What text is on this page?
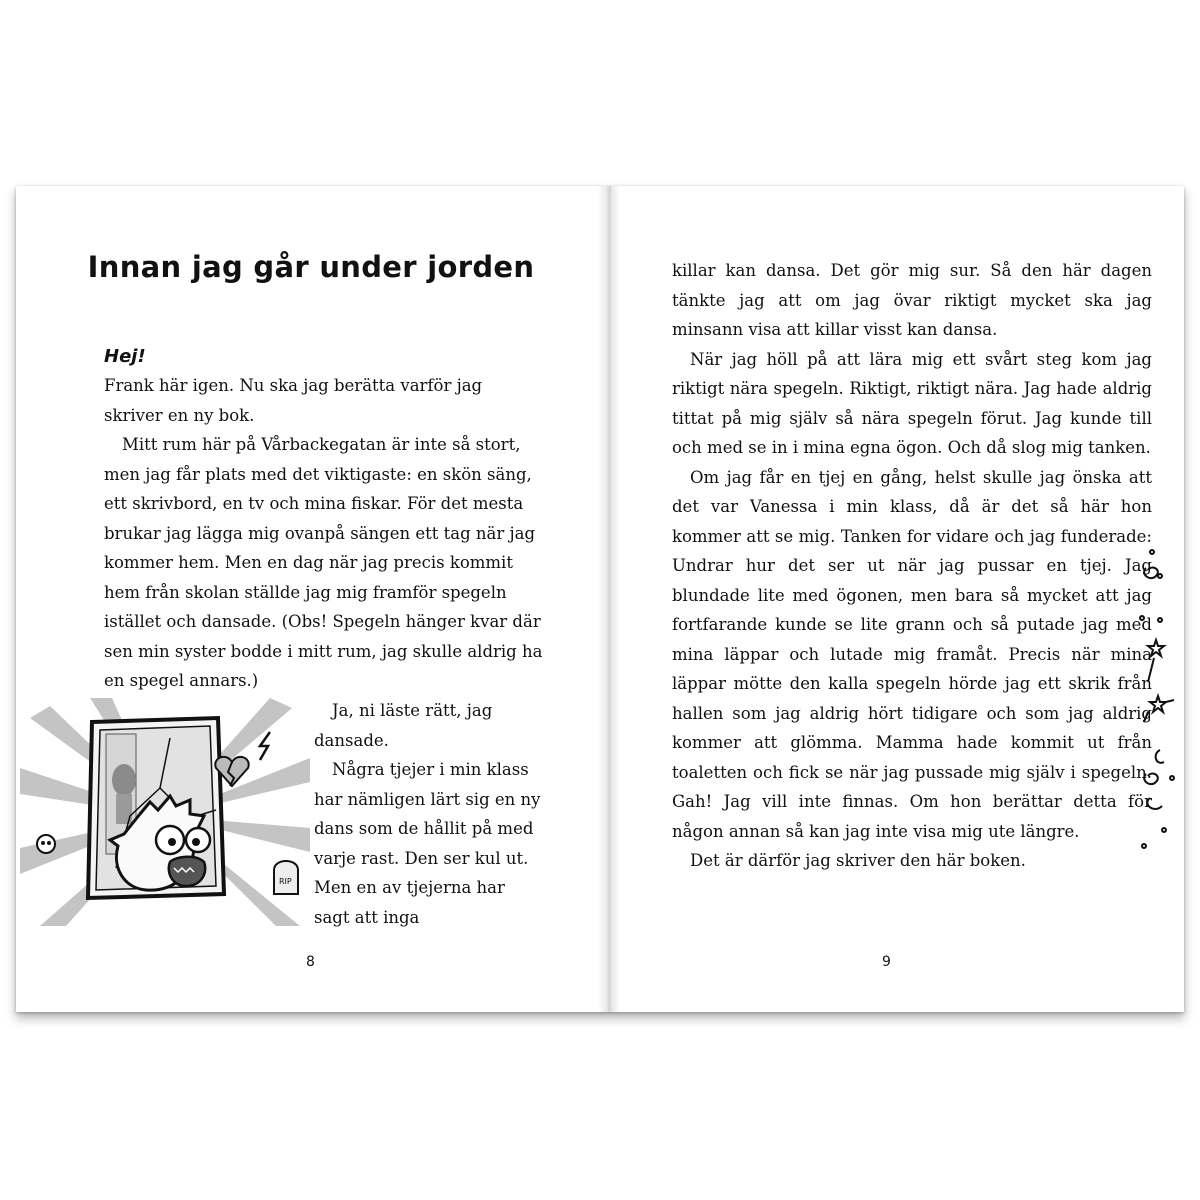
Innan jag går under jorden
Hej!

Frank här igen. Nu ska jag berätta varför jag skriver en ny bok.

Mitt rum här på Vårbackegatan är inte så stort, men jag får plats med det viktigaste: en skön säng, ett skrivbord, en tv och mina fiskar. För det mesta brukar jag lägga mig ovanpå sängen ett tag när jag kommer hem. Men en dag när jag precis kommit hem från skolan ställde jag mig framför spegeln istället och dansade. (Obs! Spegeln hänger kvar där sen min syster bodde i mitt rum, jag skulle aldrig ha en spegel annars.)

RIP

Ja, ni läste rätt, jag dansade.

Några tjejer i min klass har nämligen lärt sig en ny dans som de hållit på med varje rast. Den ser kul ut. Men en av tjejerna har sagt att inga

8

killar kan dansa. Det gör mig sur. Så den här dagen tänkte jag att om jag övar riktigt mycket ska jag minsann visa att killar visst kan dansa.

När jag höll på att lära mig ett svårt steg kom jag riktigt nära spegeln. Riktigt, riktigt nära. Jag hade aldrig tittat på mig själv så nära spegeln förut. Jag kunde till och med se in i mina egna ögon. Och då slog mig tanken.

Om jag får en tjej en gång, helst skulle jag önska att det var Vanessa i min klass, då är det så här hon kommer att se mig. Tanken for vidare och jag funderade: Undrar hur det ser ut när jag pussar en tjej. Jag blundade lite med ögonen, men bara så mycket att jag fortfarande kunde se lite grann och så putade jag med mina läppar och lutade mig framåt. Precis när mina läppar mötte den kalla spegeln hörde jag ett skrik från hallen som jag aldrig hört tidigare och som jag aldrig kommer att glömma. Mamma hade kommit ut från toaletten och fick se när jag pussade mig själv i spegeln. Gah! Jag vill inte finnas. Om hon berättar detta för någon annan så kan jag inte visa mig ute längre.

Det är därför jag skriver den här boken.

9
